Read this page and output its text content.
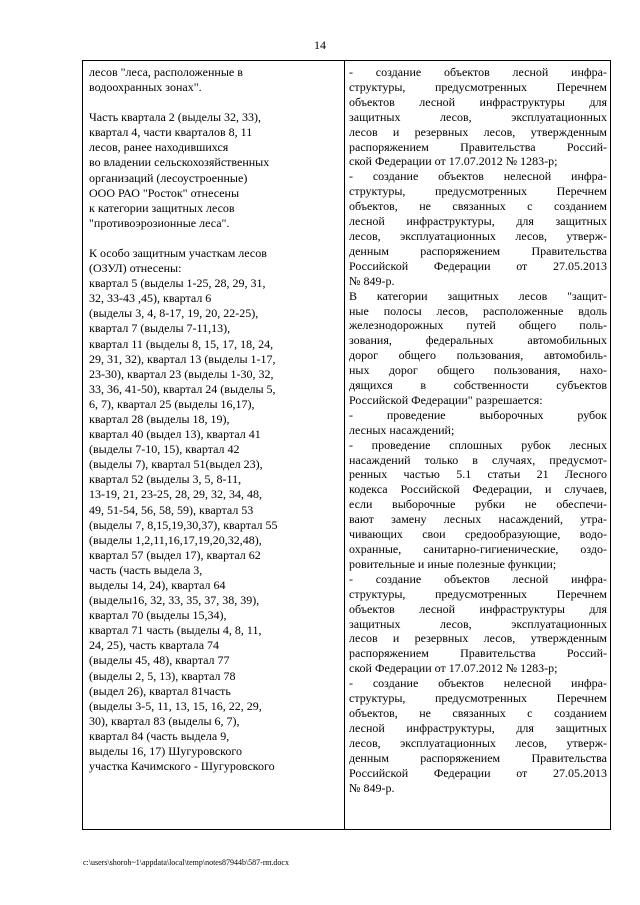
14
лесов "леса, расположенные в
водоохранных зонах".
Часть квартала 2 (выделы 32, 33),
квартал 4, части кварталов 8, 11
лесов, ранее находившихся
во владении сельскохозяйственных
организаций (лесоустроенные)
ООО РАО "Росток" отнесены
к категории защитных лесов
"противоэрозионные леса".
К особо защитным участкам лесов
(ОЗУЛ) отнесены:
квартал 5 (выделы 1-25, 28, 29, 31,
32, 33-43 ,45), квартал 6
(выделы 3, 4, 8-17, 19, 20, 22-25),
квартал 7 (выделы 7-11,13),
квартал 11 (выделы 8, 15, 17, 18, 24,
29, 31, 32), квартал 13 (выделы 1-17,
23-30), квартал 23 (выделы 1-30, 32,
33, 36, 41-50), квартал 24 (выделы 5,
6, 7), квартал 25 (выделы 16,17),
квартал 28 (выделы 18, 19),
квартал 40 (выдел 13), квартал 41
(выделы 7-10, 15), квартал 42
(выделы 7), квартал 51(выдел 23),
квартал 52 (выделы 3, 5, 8-11,
13-19, 21, 23-25, 28, 29, 32, 34, 48,
49, 51-54, 56, 58, 59), квартал 53
(выделы 7, 8,15,19,30,37), квартал 55
(выделы 1,2,11,16,17,19,20,32,48),
квартал 57 (выдел 17), квартал 62
часть (часть выдела 3,
выделы 14, 24), квартал 64
(выделы16, 32, 33, 35, 37, 38, 39),
квартал 70 (выделы 15,34),
квартал 71 часть (выделы 4, 8, 11,
24, 25), часть квартала 74
(выделы 45, 48), квартал 77
(выделы 2, 5, 13), квартал 78
(выдел 26), квартал 81часть
(выделы 3-5, 11, 13, 15, 16, 22, 29,
30), квартал 83 (выделы 6, 7),
квартал 84 (часть выдела 9,
выделы 16, 17) Шугуровского
участка Качимского - Шугуровского
- создание объектов лесной инфра-
структуры, предусмотренных Перечнем
объектов лесной инфраструктуры для
защитных лесов, эксплуатационных
лесов и резервных лесов, утвержденным
распоряжением Правительства Россий-
ской Федерации от 17.07.2012 № 1283-р;
- создание объектов нелесной инфра-
структуры, предусмотренных Перечнем
объектов, не связанных с созданием
лесной инфраструктуры, для защитных
лесов, эксплуатационных лесов, утверж-
денным распоряжением Правительства
Российской Федерации от 27.05.2013
№ 849-р.
В категории защитных лесов "защит-
ные полосы лесов, расположенные вдоль
железнодорожных путей общего поль-
зования, федеральных автомобильных
дорог общего пользования, автомобиль-
ных дорог общего пользования, нахо-
дящихся в собственности субъектов
Российской Федерации" разрешается:
- проведение выборочных рубок
лесных насаждений;
- проведение сплошных рубок лесных
насаждений только в случаях, предусмот-
ренных частью 5.1 статьи 21 Лесного
кодекса Российской Федерации, и случаев,
если выборочные рубки не обеспечи-
вают замену лесных насаждений, утра-
чивающих свои средообразующие, водо-
охранные, санитарно-гигиенические, оздо-
ровительные и иные полезные функции;
- создание объектов лесной инфра-
структуры, предусмотренных Перечнем
объектов лесной инфраструктуры для
защитных лесов, эксплуатационных
лесов и резервных лесов, утвержденным
распоряжением Правительства Россий-
ской Федерации от 17.07.2012 № 1283-р;
- создание объектов нелесной инфра-
структуры, предусмотренных Перечнем
объектов, не связанных с созданием
лесной инфраструктуры, для защитных
лесов, эксплуатационных лесов, утверж-
денным распоряжением Правительства
Российской Федерации от 27.05.2013
№ 849-р.
c:\users\shoroh~1\appdata\local\temp\notes87944b\587-пп.docx
